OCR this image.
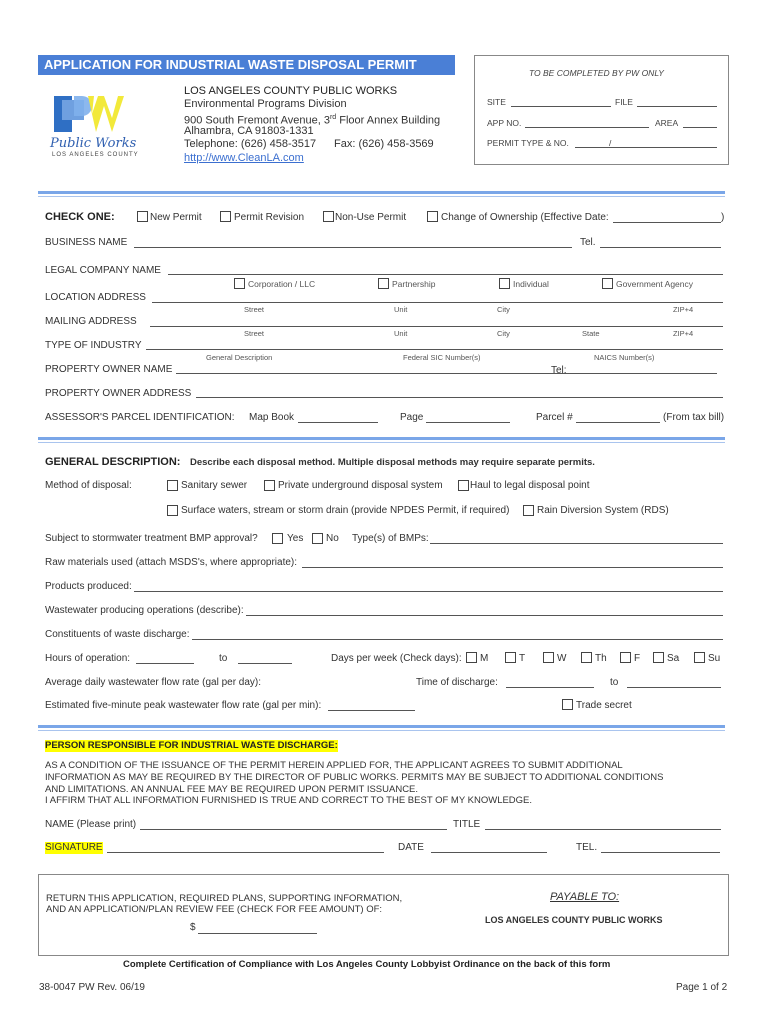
APPLICATION FOR INDUSTRIAL WASTE DISPOSAL PERMIT
Public Works
LOS ANGELES COUNTY
LOS ANGELES COUNTY PUBLIC WORKS
Environmental Programs Division
900 South Fremont Avenue, 3rd Floor Annex Building
Alhambra, CA 91803-1331
Telephone: (626) 458-3517 Fax: (626) 458-3569
http://www.CleanLA.com
TO BE COMPLETED BY PW ONLY
SITE	FILE
APP NO.	AREA
PERMIT TYPE & NO.	/
CHECK ONE:	New Permit	Permit Revision	Non-Use Permit	Change of Ownership (Effective Date:	)
BUSINESS NAME	Tel.
LEGAL COMPANY NAME
Corporation / LLC	Partnership	Individual	Government Agency
LOCATION ADDRESS
Street	Unit	City	ZIP+4
MAILING ADDRESS
Street	Unit	City	State	ZIP+4
TYPE OF INDUSTRY
General Description	Federal SIC Number(s)	NAICS Number(s)
PROPERTY OWNER NAME	Tel:
PROPERTY OWNER ADDRESS
ASSESSOR'S PARCEL IDENTIFICATION: Map Book	Page	Parcel #	(From tax bill)
GENERAL DESCRIPTION: Describe each disposal method. Multiple disposal methods may require separate permits.
Method of disposal:	Sanitary sewer	Private underground disposal system	Haul to legal disposal point
Surface waters, stream or storm drain (provide NPDES Permit, if required)	Rain Diversion System (RDS)
Subject to stormwater treatment BMP approval?	Yes No Type(s) of BMPs:
Raw materials used (attach MSDS's, where appropriate):
Products produced:
Wastewater producing operations (describe):
Constituents of waste discharge:
Hours of operation:	to	Days per week (Check days): M	T	W	Th	F	Sa	Su
Average daily wastewater flow rate (gal per day):	Time of discharge:	to
Estimated five-minute peak wastewater flow rate (gal per min):	Trade secret
PERSON RESPONSIBLE FOR INDUSTRIAL WASTE DISCHARGE:
AS A CONDITION OF THE ISSUANCE OF THE PERMIT HEREIN APPLIED FOR, THE APPLICANT AGREES TO SUBMIT ADDITIONAL
INFORMATION AS MAY BE REQUIRED BY THE DIRECTOR OF PUBLIC WORKS. PERMITS MAY BE SUBJECT TO ADDITIONAL CONDITIONS
AND LIMITATIONS. AN ANNUAL FEE MAY BE REQUIRED UPON PERMIT ISSUANCE.
I AFFIRM THAT ALL INFORMATION FURNISHED IS TRUE AND CORRECT TO THE BEST OF MY KNOWLEDGE.
NAME (Please print)	TITLE
SIGNATURE	DATE	TEL.
RETURN THIS APPLICATION, REQUIRED PLANS, SUPPORTING INFORMATION,
AND AN APPLICATION/PLAN REVIEW FEE (CHECK FOR FEE AMOUNT) OF:
$
PAYABLE TO:
LOS ANGELES COUNTY PUBLIC WORKS
Complete Certification of Compliance with Los Angeles County Lobbyist Ordinance on the back of this form
38-0047 PW Rev. 06/19	Page 1 of 2
